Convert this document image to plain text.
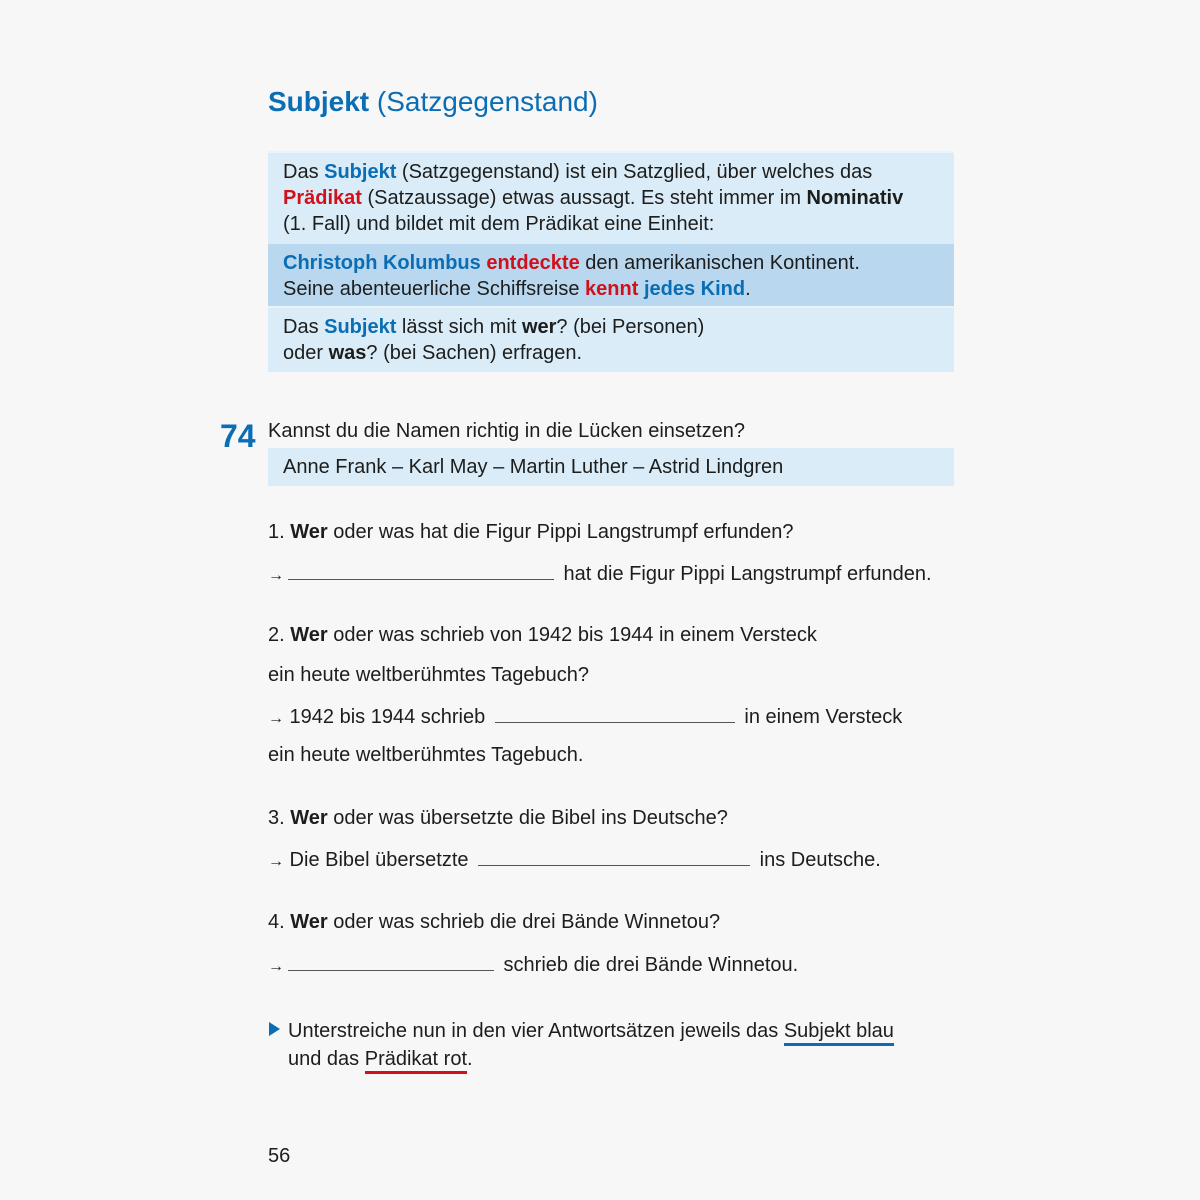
Subjekt (Satzgegenstand)
Das Subjekt (Satzgegenstand) ist ein Satzglied, über welches das
Prädikat (Satzaussage) etwas aussagt. Es steht immer im Nominativ
(1. Fall) und bildet mit dem Prädikat eine Einheit:
Christoph Kolumbus entdeckte den amerikanischen Kontinent.
Seine abenteuerliche Schiffsreise kennt jedes Kind.
Das Subjekt lässt sich mit wer? (bei Personen)
oder was? (bei Sachen) erfragen.
74 Kannst du die Namen richtig in die Lücken einsetzen?
Anne Frank – Karl May – Martin Luther – Astrid Lindgren
1. Wer oder was hat die Figur Pippi Langstrumpf erfunden?
→	hat die Figur Pippi Langstrumpf erfunden.
2. Wer oder was schrieb von 1942 bis 1944 in einem Versteck
ein heute weltberühmtes Tagebuch?
→ 1942 bis 1944 schrieb	in einem Versteck
ein heute weltberühmtes Tagebuch.
3. Wer oder was übersetzte die Bibel ins Deutsche?
→ Die Bibel übersetzte	ins Deutsche.
4. Wer oder was schrieb die drei Bände Winnetou?
→	schrieb die drei Bände Winnetou.
Unterstreiche nun in den vier Antwortsätzen jeweils das Subjekt blau
und das Prädikat rot.
56
